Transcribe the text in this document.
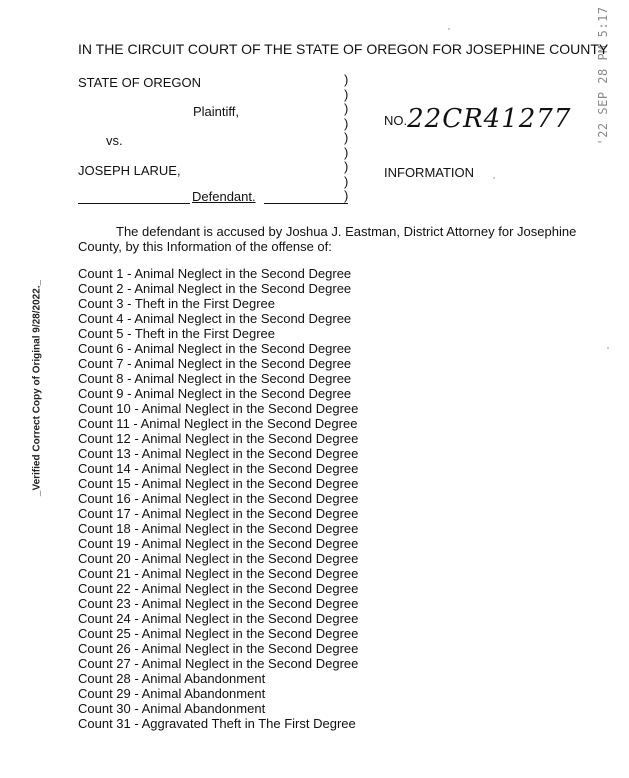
_Verified Correct Copy of Original 9/28/2022._
'22 SEP 28 PM 5:17
IN THE CIRCUIT COURT OF THE STATE OF OREGON FOR JOSEPHINE COUNTY
STATE OF OREGON
Plaintiff,
vs.
JOSEPH LARUE,
Defendant.
)
)
)
)
)
)
)
)
)
NO.22CR41277
INFORMATION
The defendant is accused by Joshua J. Eastman, District Attorney for Josephine County, by this Information of the offense of:
Count 1 - Animal Neglect in the Second Degree
Count 2 - Animal Neglect in the Second Degree
Count 3 - Theft in the First Degree
Count 4 - Animal Neglect in the Second Degree
Count 5 - Theft in the First Degree
Count 6 - Animal Neglect in the Second Degree
Count 7 - Animal Neglect in the Second Degree
Count 8 - Animal Neglect in the Second Degree
Count 9 - Animal Neglect in the Second Degree
Count 10 - Animal Neglect in the Second Degree
Count 11 - Animal Neglect in the Second Degree
Count 12 - Animal Neglect in the Second Degree
Count 13 - Animal Neglect in the Second Degree
Count 14 - Animal Neglect in the Second Degree
Count 15 - Animal Neglect in the Second Degree
Count 16 - Animal Neglect in the Second Degree
Count 17 - Animal Neglect in the Second Degree
Count 18 - Animal Neglect in the Second Degree
Count 19 - Animal Neglect in the Second Degree
Count 20 - Animal Neglect in the Second Degree
Count 21 - Animal Neglect in the Second Degree
Count 22 - Animal Neglect in the Second Degree
Count 23 - Animal Neglect in the Second Degree
Count 24 - Animal Neglect in the Second Degree
Count 25 - Animal Neglect in the Second Degree
Count 26 - Animal Neglect in the Second Degree
Count 27 - Animal Neglect in the Second Degree
Count 28 - Animal Abandonment
Count 29 - Animal Abandonment
Count 30 - Animal Abandonment
Count 31 - Aggravated Theft in The First Degree
